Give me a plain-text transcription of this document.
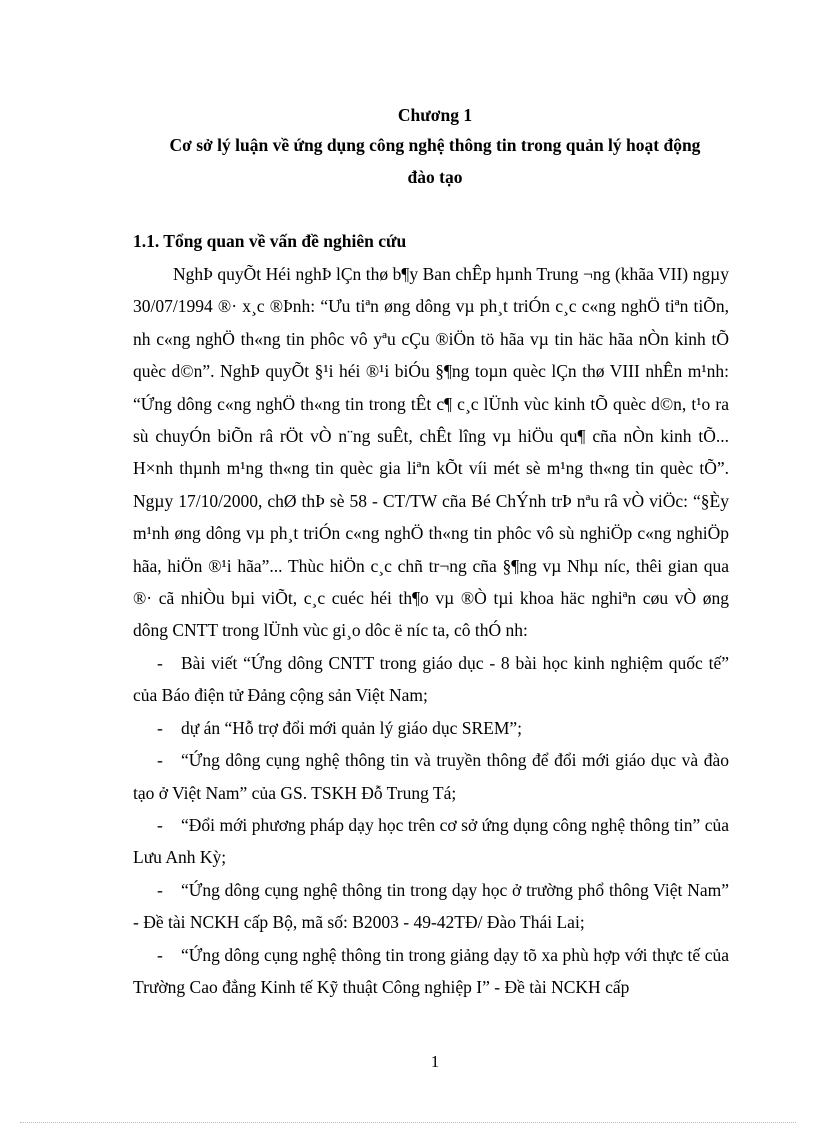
Chương 1
Cơ sở lý luận về ứng dụng công nghệ thông tin trong quản lý hoạt động
đào tạo
1.1. Tổng quan về vấn đề nghiên cứu

NghÞ quyÕt Héi nghÞ lÇn thø b¶y Ban chÊp hµnh Trung ¬ng (khãa VII) ngµy 30/07/1994 ®· x¸c ®Þnh: “Ưu tiªn øng dông vµ ph¸t triÓn c¸c c«ng nghÖ tiªn tiÕn, nh c«ng nghÖ th«ng tin phôc vô yªu cÇu ®iÖn tö hãa vµ tin häc hãa nÒn kinh tÕ quèc d©n”. NghÞ quyÕt §¹i héi ®¹i biÓu §¶ng toµn quèc lÇn thø VIII nhÊn m¹nh: “Ứng dông c«ng nghÖ th«ng tin trong tÊt c¶ c¸c lÜnh vùc kinh tÕ quèc d©n, t¹o ra sù chuyÓn biÕn râ rÖt vÒ n¨ng suÊt, chÊt lîng vµ hiÖu qu¶ cña nÒn kinh tÕ... H×nh thµnh m¹ng th«ng tin quèc gia liªn kÕt víi mét sè m¹ng th«ng tin quèc tÕ”. Ngµy 17/10/2000, chØ thÞ sè 58 - CT/TW cña Bé ChÝnh trÞ nªu râ vÒ viÖc: “§Èy m¹nh øng dông vµ ph¸t triÓn c«ng nghÖ th«ng tin phôc vô sù nghiÖp c«ng nghiÖp hãa, hiÖn ®¹i hãa”... Thùc hiÖn c¸c chñ tr¬ng cña §¶ng vµ Nhµ níc, thêi gian qua ®· cã nhiÒu bµi viÕt, c¸c cuéc héi th¶o vµ ®Ò tµi khoa häc nghiªn cøu vÒ øng dông CNTT trong lÜnh vùc gi¸o dôc ë níc ta, cô thÓ nh:

-	Bài viết “Ứng dông CNTT trong giáo dục - 8 bài học kinh nghiệm quốc tế” của Báo điện tử Đảng cộng sản Việt Nam;

-	dự án “Hỗ trợ đổi mới quản lý giáo dục SREM”;

-	“Ứng dông cụng nghệ thông tin và truyền thông để đổi mới giáo dục và đào tạo ở Việt Nam” của GS. TSKH Đỗ Trung Tá;

-	“Đổi mới phương pháp dạy học trên cơ sở ứng dụng công nghệ thông tin” của Lưu Anh Kỳ;

-	“Ứng dông cụng nghệ thông tin trong dạy học ở trường phổ thông Việt Nam” - Đề tài NCKH cấp Bộ, mã số: B2003 - 49-42TĐ/ Đào Thái Lai;

-	“Ứng dông cụng nghệ thông tin trong giảng dạy tõ xa phù hợp với thực tế của Trường Cao đẳng Kinh tế Kỹ thuật Công nghiệp I” - Đề tài NCKH cấp

1
